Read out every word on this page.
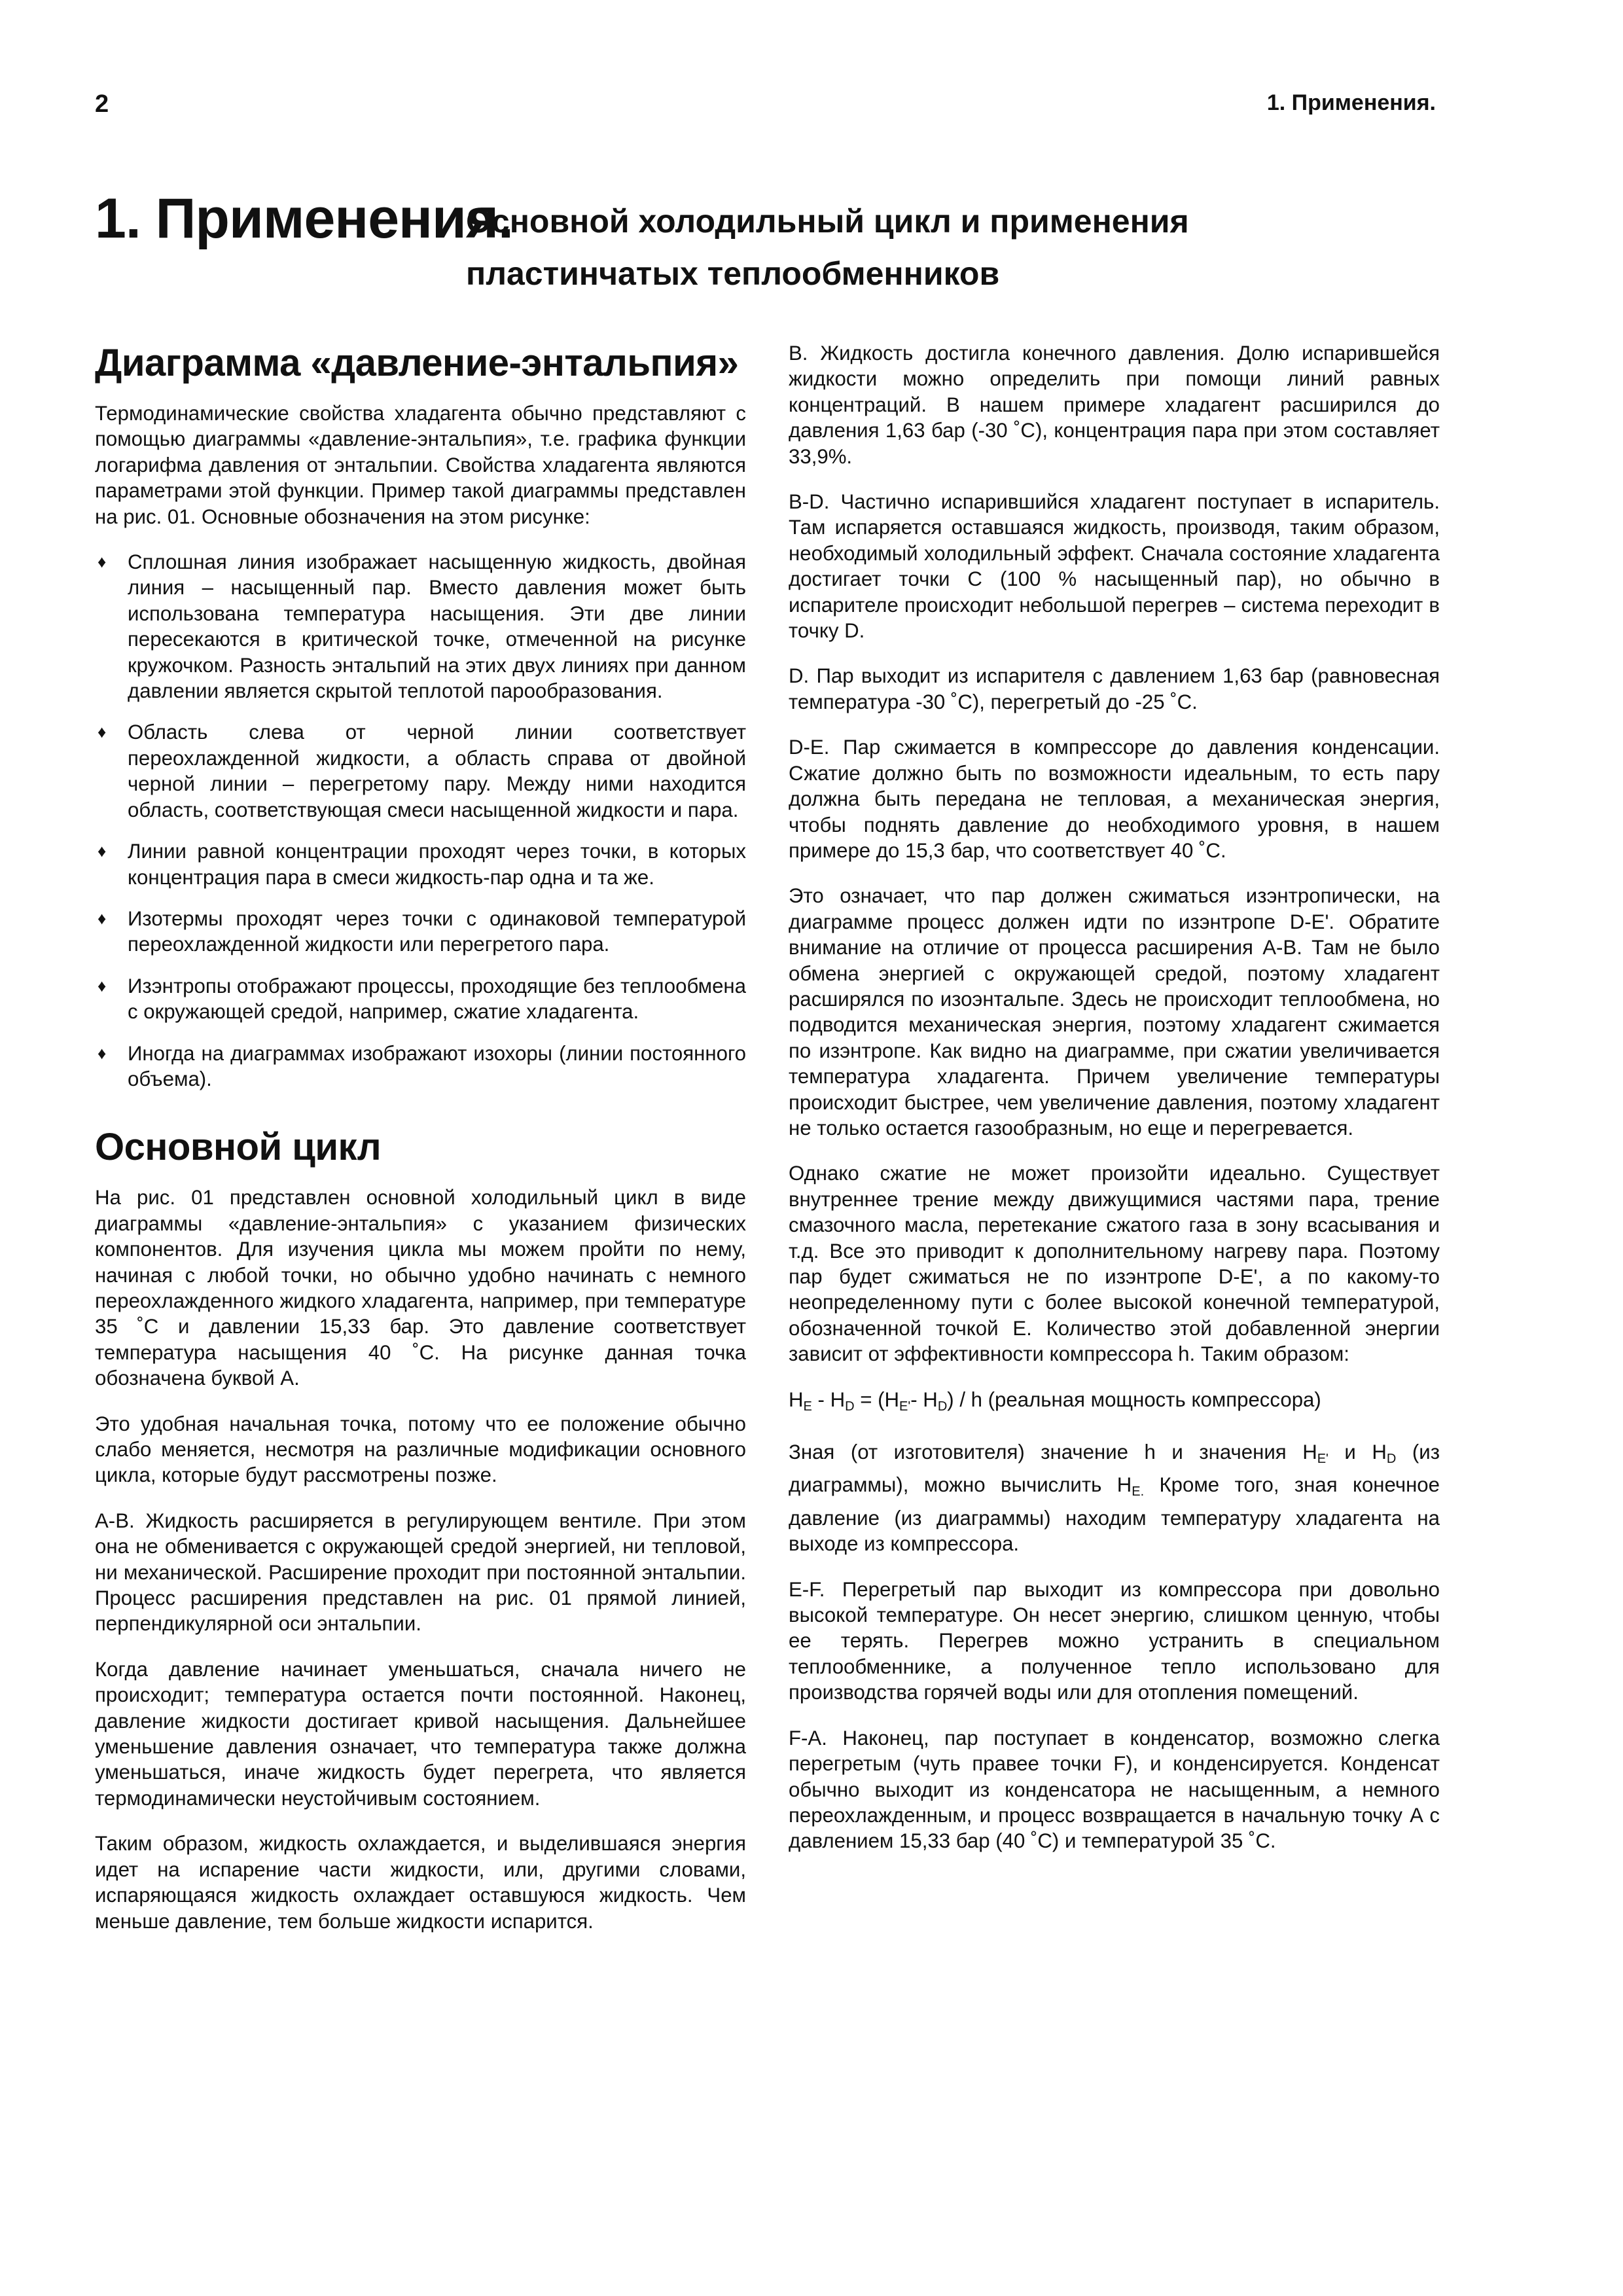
2	1. Применения.
1. Применения.
Основной холодильный цикл и применения
пластинчатых теплообменников
Диаграмма «давление-энтальпия»

Термодинамические свойства хладагента обычно представляют с помощью диаграммы «давление-энтальпия», т.е. графика функции логарифма давления от энтальпии. Свойства хладагента являются параметрами этой функции. Пример такой диаграммы представлен на рис. 01. Основные обозначения на этом рисунке:

♦ Сплошная линия изображает насыщенную жидкость, двойная линия – насыщенный пар. Вместо давления может быть использована температура насыщения. Эти две линии пересекаются в критической точке, отмеченной на рисунке кружочком. Разность энтальпий на этих двух линиях при данном давлении является скрытой теплотой парообразования.
♦ Область слева от черной линии соответствует переохлажденной жидкости, а область справа от двойной черной линии – перегретому пару. Между ними находится область, соответствующая смеси насыщенной жидкости и пара.
♦ Линии равной концентрации проходят через точки, в которых концентрация пара в смеси жидкость-пар одна и та же.
♦ Изотермы проходят через точки с одинаковой температурой переохлажденной жидкости или перегретого пара.
♦ Изэнтропы отображают процессы, проходящие без теплообмена с окружающей средой, например, сжатие хладагента.
♦ Иногда на диаграммах изображают изохоры (линии постоянного объема).
Основной цикл

На рис. 01 представлен основной холодильный цикл в виде диаграммы «давление-энтальпия» с указанием физических компонентов. Для изучения цикла мы можем пройти по нему, начиная с любой точки, но обычно удобно начинать с немного переохлажденного жидкого хладагента, например, при температуре 35 ˚C и давлении 15,33 бар. Это давление соответствует температура насыщения 40 ˚C. На рисунке данная точка обозначена буквой A.

Это удобная начальная точка, потому что ее положение обычно слабо меняется, несмотря на различные модификации основного цикла, которые будут рассмотрены позже.

A-B. Жидкость расширяется в регулирующем вентиле. При этом она не обменивается с окружающей средой энергией, ни тепловой, ни механической. Расширение проходит при постоянной энтальпии. Процесс расширения представлен на рис. 01 прямой линией, перпендикулярной оси энтальпии.

Когда давление начинает уменьшаться, сначала ничего не происходит; температура остается почти постоянной. Наконец, давление жидкости достигает кривой насыщения. Дальнейшее уменьшение давления означает, что температура также должна уменьшаться, иначе жидкость будет перегрета, что является термодинамически неустойчивым состоянием.

Таким образом, жидкость охлаждается, и выделившаяся энергия идет на испарение части жидкости, или, другими словами, испаряющаяся жидкость охлаждает оставшуюся жидкость. Чем меньше давление, тем больше жидкости испарится.

B. Жидкость достигла конечного давления. Долю испарившейся жидкости можно определить при помощи линий равных концентраций. В нашем примере хладагент расширился до давления 1,63 бар (-30 ˚C), концентрация пара при этом составляет 33,9%.

B-D. Частично испарившийся хладагент поступает в испаритель. Там испаряется оставшаяся жидкость, производя, таким образом, необходимый холодильный эффект. Сначала состояние хладагента достигает точки C (100 % насыщенный пар), но обычно в испарителе происходит небольшой перегрев – система переходит в точку D.

D. Пар выходит из испарителя с давлением 1,63 бар (равновесная температура -30 ˚C), перегретый до -25 ˚C.

D-E. Пар сжимается в компрессоре до давления конденсации. Сжатие должно быть по возможности идеальным, то есть пару должна быть передана не тепловая, а механическая энергия, чтобы поднять давление до необходимого уровня, в нашем примере до 15,3 бар, что соответствует 40 ˚C.

Это означает, что пар должен сжиматься изэнтропически, на диаграмме процесс должен идти по изэнтропе D-E'. Обратите внимание на отличие от процесса расширения A-B. Там не было обмена энергией с окружающей средой, поэтому хладагент расширялся по изоэнтальпе. Здесь не происходит теплообмена, но подводится механическая энергия, поэтому хладагент сжимается по изэнтропе. Как видно на диаграмме, при сжатии увеличивается температура хладагента. Причем увеличение температуры происходит быстрее, чем увеличение давления, поэтому хладагент не только остается газообразным, но еще и перегревается.

Однако сжатие не может произойти идеально. Существует внутреннее трение между движущимися частями пара, трение смазочного масла, перетекание сжатого газа в зону всасывания и т.д. Все это приводит к дополнительному нагреву пара. Поэтому пар будет сжиматься не по изэнтропе D-E', а по какому-то неопределенному пути с более высокой конечной температурой, обозначенной точкой E. Количество этой добавленной энергии зависит от эффективности компрессора h. Таким образом:

$H_E - H_D = (H_{E'}-$ $H_D$) / h (реальная мощность компрессора)

Зная (от изготовителя) значение h и значения $H_{E'}$ и $H_D$ (из диаграммы), можно вычислить $H_{E.}$ Кроме того, зная конечное давление (из диаграммы) находим температуру хладагента на выходе из компрессора.

E-F. Перегретый пар выходит из компрессора при довольно высокой температуре. Он несет энергию, слишком ценную, чтобы ее терять. Перегрев можно устранить в специальном теплообменнике, а полученное тепло использовано для производства горячей воды или для отопления помещений.

F-A. Наконец, пар поступает в конденсатор, возможно слегка перегретым (чуть правее точки F), и конденсируется. Конденсат обычно выходит из конденсатора не насыщенным, а немного переохлажденным, и процесс возвращается в начальную точку A с давлением 15,33 бар (40 ˚C) и температурой 35 ˚C.
